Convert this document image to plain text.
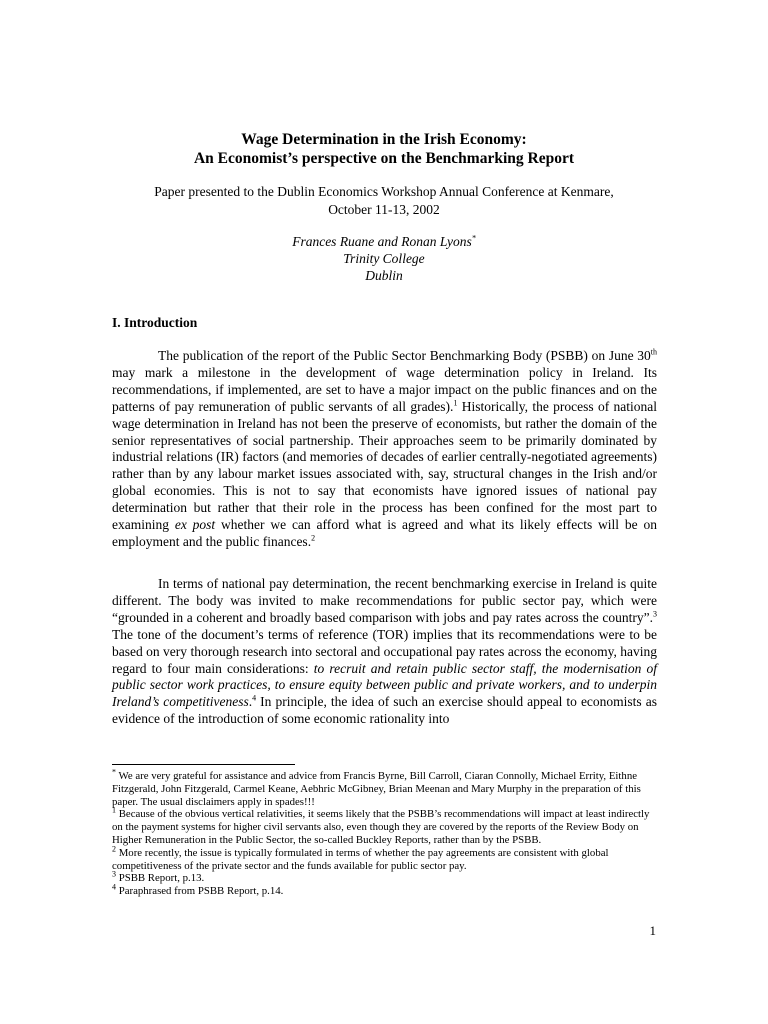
Wage Determination in the Irish Economy:
An Economist’s perspective on the Benchmarking Report
Paper presented to the Dublin Economics Workshop Annual Conference at Kenmare,
October 11-13, 2002
Frances Ruane and Ronan Lyons*
Trinity College
Dublin
I. Introduction

The publication of the report of the Public Sector Benchmarking Body (PSBB) on June 30th may mark a milestone in the development of wage determination policy in Ireland. Its recommendations, if implemented, are set to have a major impact on the public finances and on the patterns of pay remuneration of public servants of all grades).$^1$ Historically, the process of national wage determination in Ireland has not been the preserve of economists, but rather the domain of the senior representatives of social partnership. Their approaches seem to be primarily dominated by industrial relations (IR) factors (and memories of decades of earlier centrally-negotiated agreements) rather than by any labour market issues associated with, say, structural changes in the Irish and/or global economies. This is not to say that economists have ignored issues of national pay determination but rather that their role in the process has been confined for the most part to examining ex post whether we can afford what is agreed and what its likely effects will be on employment and the public finances.$^2$

In terms of national pay determination, the recent benchmarking exercise in Ireland is quite different. The body was invited to make recommendations for public sector pay, which were “grounded in a coherent and broadly based comparison with jobs and pay rates across the country”.$^3$ The tone of the document’s terms of reference (TOR) implies that its recommendations were to be based on very thorough research into sectoral and occupational pay rates across the economy, having regard to four main considerations: to recruit and retain public sector staff, the modernisation of public sector work practices, to ensure equity between public and private workers, and to underpin Ireland’s competitiveness.$^4$ In principle, the idea of such an exercise should appeal to economists as evidence of the introduction of some economic rationality into

* We are very grateful for assistance and advice from Francis Byrne, Bill Carroll, Ciaran Connolly, Michael Errity, Eithne Fitzgerald, John Fitzgerald, Carmel Keane, Aebhric McGibney, Brian Meenan and Mary Murphy in the preparation of this paper. The usual disclaimers apply in spades!!!
$^1$ Because of the obvious vertical relativities, it seems likely that the PSBB’s recommendations will impact at least indirectly on the payment systems for higher civil servants also, even though they are covered by the reports of the Review Body on Higher Remuneration in the Public Sector, the so-called Buckley Reports, rather than by the PSBB.
$^2$ More recently, the issue is typically formulated in terms of whether the pay agreements are consistent with global competitiveness of the private sector and the funds available for public sector pay.
$^3$ PSBB Report, p.13.
$^4$ Paraphrased from PSBB Report, p.14.
1
